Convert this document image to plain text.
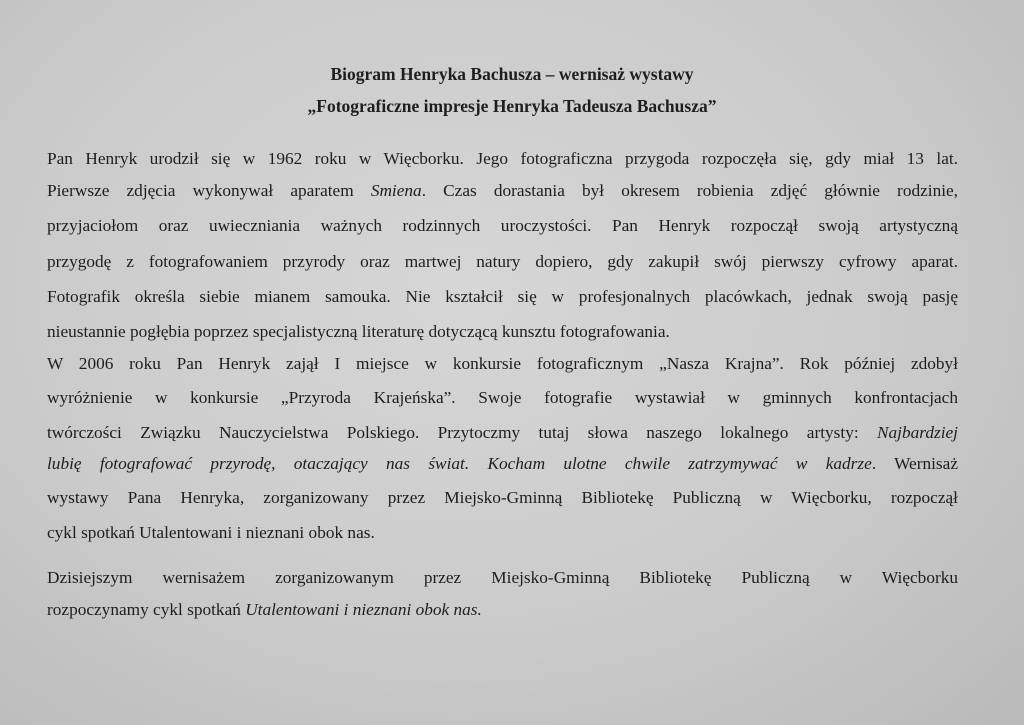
Biogram Henryka Bachusza – wernisaż wystawy
„Fotograficzne impresje Henryka Tadeusza Bachusza”
Pan Henryk urodził się w 1962 roku w Więcborku. Jego fotograficzna przygoda rozpoczęła się, gdy miał 13 lat.
Pierwsze zdjęcia wykonywał aparatem Smiena. Czas dorastania był okresem robienia zdjęć głównie rodzinie,
przyjaciołom oraz uwieczniania ważnych rodzinnych uroczystości. Pan Henryk rozpoczął swoją artystyczną
przygodę z fotografowaniem przyrody oraz martwej natury dopiero, gdy zakupił swój pierwszy cyfrowy aparat.
Fotografik określa siebie mianem samouka. Nie kształcił się w profesjonalnych placówkach, jednak swoją pasję
nieustannie pogłębia poprzez specjalistyczną literaturę dotyczącą kunsztu fotografowania.
W 2006 roku Pan Henryk zajął I miejsce w konkursie fotograficznym „Nasza Krajna”. Rok później zdobył
wyróżnienie w konkursie „Przyroda Krajeńska”. Swoje fotografie wystawiał w gminnych konfrontacjach
twórczości Związku Nauczycielstwa Polskiego. Przytoczmy tutaj słowa naszego lokalnego artysty: Najbardziej
lubię fotografować przyrodę, otaczający nas świat. Kocham ulotne chwile zatrzymywać w kadrze. Wernisaż
wystawy Pana Henryka, zorganizowany przez Miejsko-Gminną Bibliotekę Publiczną w Więcborku, rozpoczął
cykl spotkań Utalentowani i nieznani obok nas.
Dzisiejszym wernisażem zorganizowanym przez Miejsko-Gminną Bibliotekę Publiczną w Więcborku
rozpoczynamy cykl spotkań Utalentowani i nieznani obok nas.
